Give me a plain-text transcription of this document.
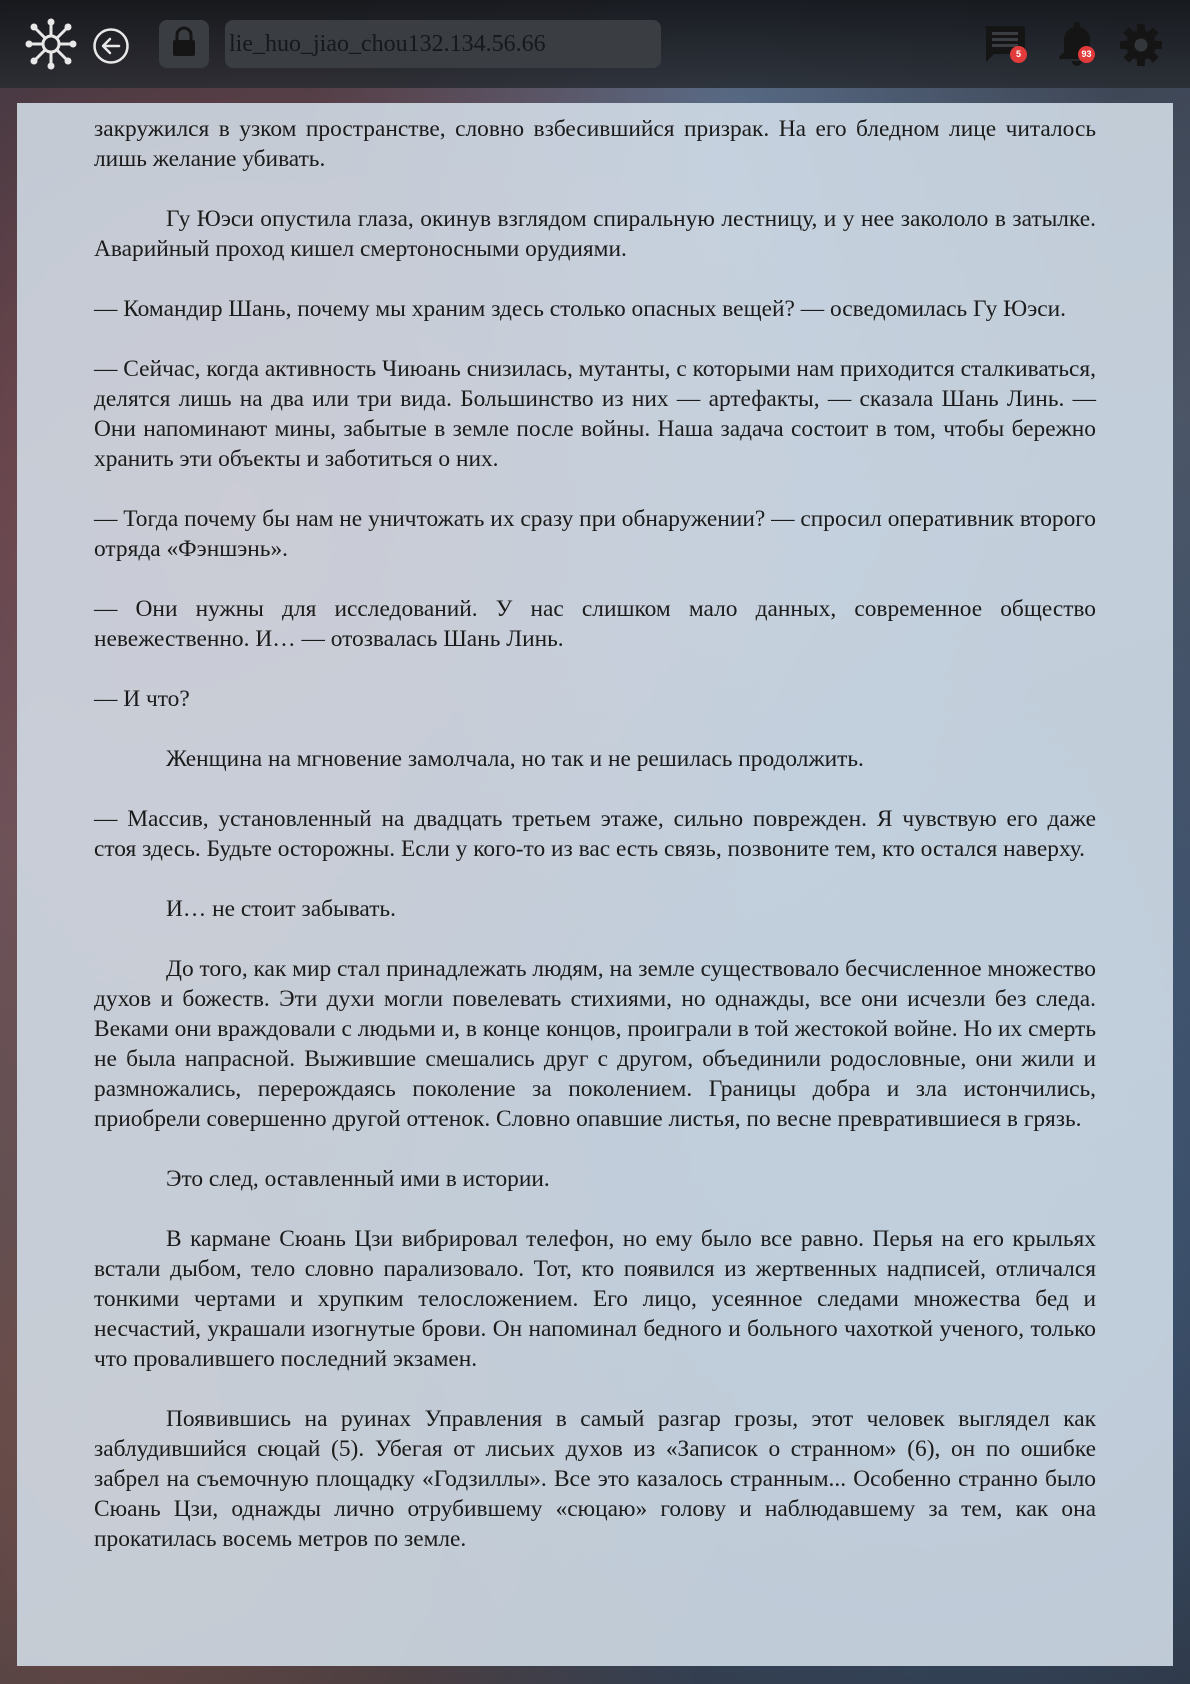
lie_huo_jiao_chou132.134.56.66
5	93

закружился в узком пространстве, словно взбесившийся призрак. На его бледном лице читалось лишь желание убивать.

Гу Юэси опустила глаза, окинув взглядом спиральную лестницу, и у нее закололо в затылке. Аварийный проход кишел смертоносными орудиями.

— Командир Шань, почему мы храним здесь столько опасных вещей? — осведомилась Гу Юэси.

— Сейчас, когда активность Чиюань снизилась, мутанты, с которыми нам приходится сталкиваться, делятся лишь на два или три вида. Большинство из них — артефакты, — сказала Шань Линь. — Они напоминают мины, забытые в земле после войны. Наша задача состоит в том, чтобы бережно хранить эти объекты и заботиться о них.

— Тогда почему бы нам не уничтожать их сразу при обнаружении? — спросил оперативник второго отряда «Фэншэнь».

— Они нужны для исследований. У нас слишком мало данных, современное общество невежественно. И… — отозвалась Шань Линь.

— И что?

Женщина на мгновение замолчала, но так и не решилась продолжить.

— Массив, установленный на двадцать третьем этаже, сильно поврежден. Я чувствую его даже стоя здесь. Будьте осторожны. Если у кого-то из вас есть связь, позвоните тем, кто остался наверху.

И… не стоит забывать.

До того, как мир стал принадлежать людям, на земле существовало бесчисленное множество духов и божеств. Эти духи могли повелевать стихиями, но однажды, все они исчезли без следа. Веками они враждовали с людьми и, в конце концов, проиграли в той жестокой войне. Но их смерть не была напрасной. Выжившие смешались друг с другом, объединили родословные, они жили и размножались, перерождаясь поколение за поколением. Границы добра и зла истончились, приобрели совершенно другой оттенок. Словно опавшие листья, по весне превратившиеся в грязь.

Это след, оставленный ими в истории.

В кармане Сюань Цзи вибрировал телефон, но ему было все равно. Перья на его крыльях встали дыбом, тело словно парализовало. Тот, кто появился из жертвенных надписей, отличался тонкими чертами и хрупким телосложением. Его лицо, усеянное следами множества бед и несчастий, украшали изогнутые брови. Он напоминал бедного и больного чахоткой ученого, только что провалившего последний экзамен.

Появившись на руинах Управления в самый разгар грозы, этот человек выглядел как заблудившийся сюцай (5). Убегая от лисьих духов из «Записок о странном» (6), он по ошибке забрел на съемочную площадку «Годзиллы». Все это казалось странным... Особенно странно было Сюань Цзи, однажды лично отрубившему «сюцаю» голову и наблюдавшему за тем, как она прокатилась восемь метров по земле.
